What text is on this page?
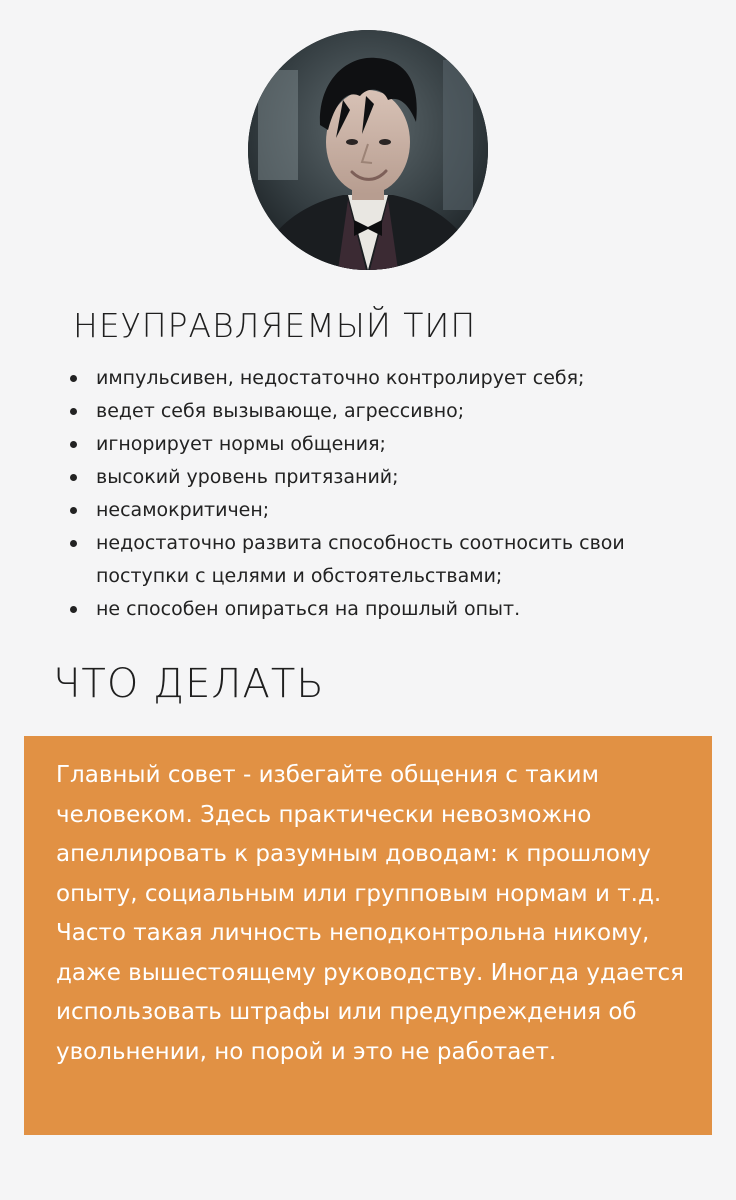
НЕУПРАВЛЯЕМЫЙ ТИП
импульсивен, недостаточно контролирует себя;
ведет себя вызывающе, агрессивно;
игнорирует нормы общения;
высокий уровень притязаний;
несамокритичен;
недостаточно развита способность соотносить свои поступки с целями и обстоятельствами;
не способен опираться на прошлый опыт.
ЧТО ДЕЛАТЬ

Главный совет - избегайте общения с таким человеком. Здесь практически невозможно апеллировать к разумным доводам: к прошлому опыту, социальным или групповым нормам и т.д. Часто такая личность неподконтрольна никому, даже вышестоящему руководству. Иногда удается использовать штрафы или предупреждения об увольнении, но порой и это не работает.
